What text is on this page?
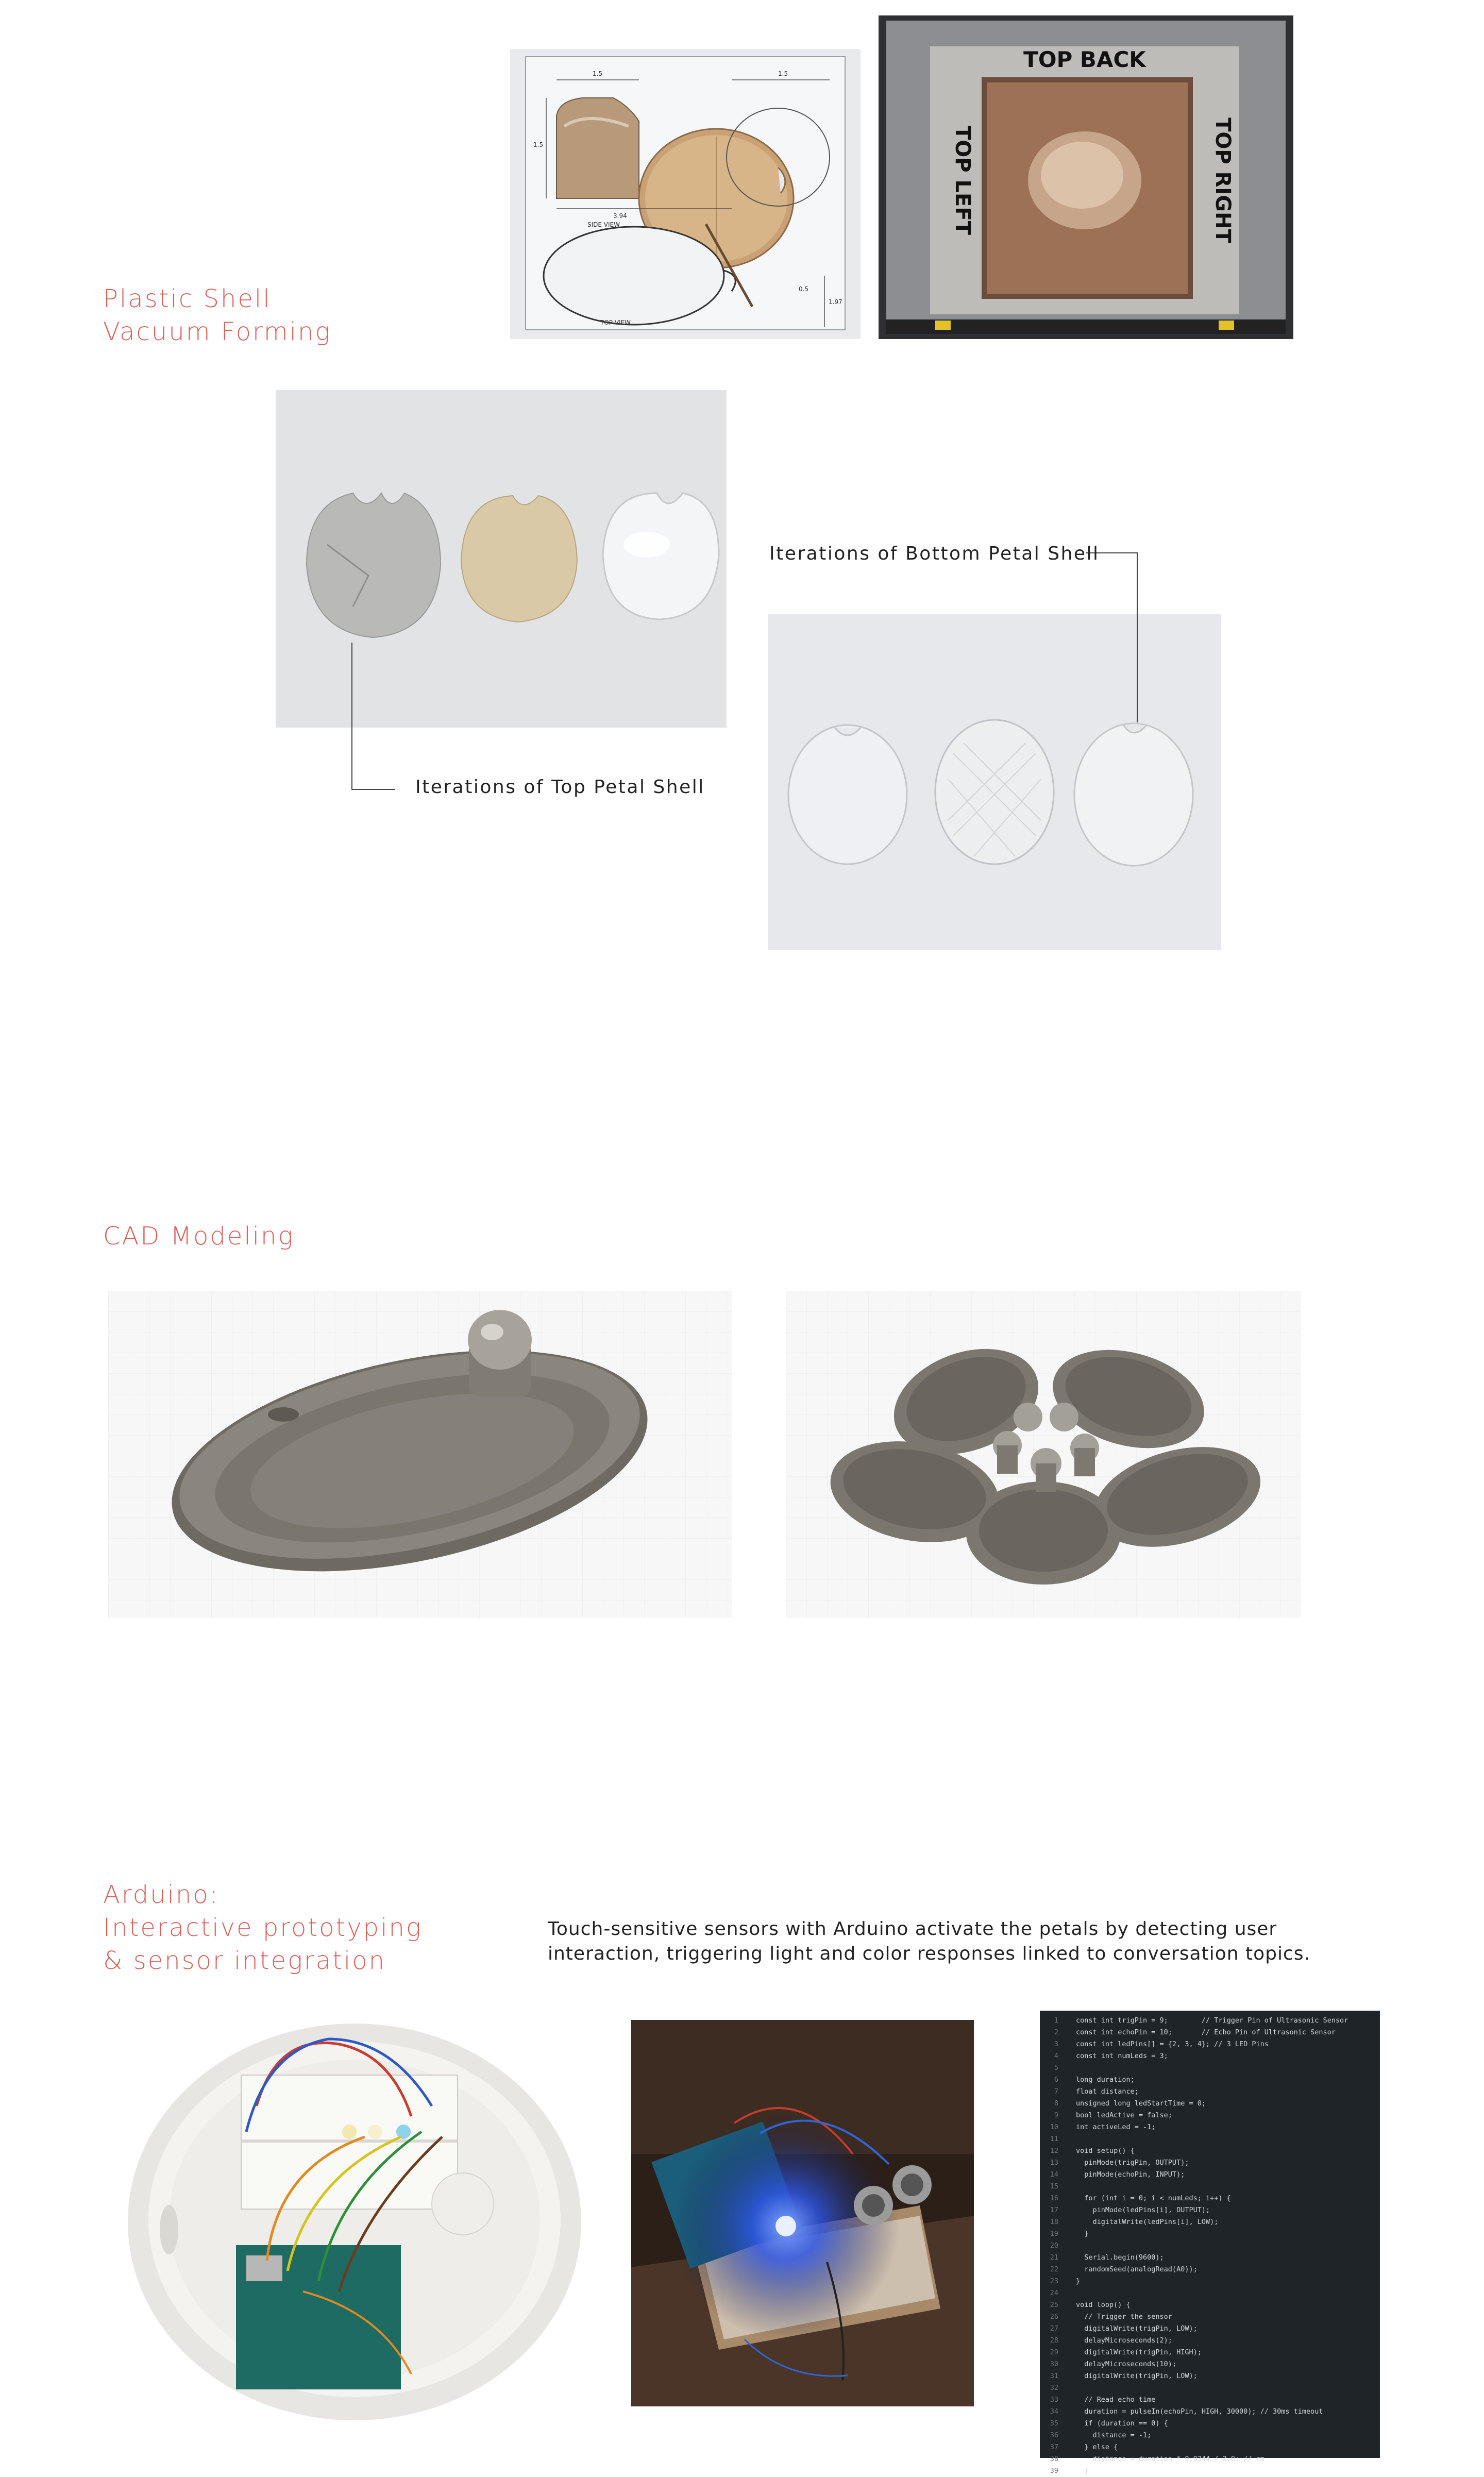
Plastic Shell
Vacuum Forming
1.5	1.5
3.94
1.5
1.97
0.5
SIDE VIEW
TOP VIEW
TOP BACK
TOP LEFT	TOP RIGHT
Iterations of Top Petal Shell
Iterations of Bottom Petal Shell
CAD Modeling
Arduino:
Interactive prototyping
& sensor integration
Touch-sensitive sensors with Arduino activate the petals by detecting user
interaction, triggering light and color responses linked to conversation topics.
1	const int trigPin = 9;        // Trigger Pin of Ultrasonic Sensor
2	const int echoPin = 10;       // Echo Pin of Ultrasonic Sensor
3	const int ledPins[] = {2, 3, 4}; // 3 LED Pins
4	const int numLeds = 3;
5
6	long duration;
7	float distance;
8	unsigned long ledStartTime = 0;
9	bool ledActive = false;
10	int activeLed = -1;
11
12	void setup() {
13	pinMode(trigPin, OUTPUT);
14	pinMode(echoPin, INPUT);
15
16	for (int i = 0; i < numLeds; i++) {
17	pinMode(ledPins[i], OUTPUT);
18	digitalWrite(ledPins[i], LOW);
19	}
20
21	Serial.begin(9600);
22	randomSeed(analogRead(A0));
23	}
24
25	void loop() {
26	// Trigger the sensor
27	digitalWrite(trigPin, LOW);
28	delayMicroseconds(2);
29	digitalWrite(trigPin, HIGH);
30	delayMicroseconds(10);
31	digitalWrite(trigPin, LOW);
32
33	// Read echo time
34	duration = pulseIn(echoPin, HIGH, 30000); // 30ms timeout
35	if (duration == 0) {
36	distance = -1;
37	} else {
38	distance = duration * 0.0344 / 2.0; // cm
39	}
